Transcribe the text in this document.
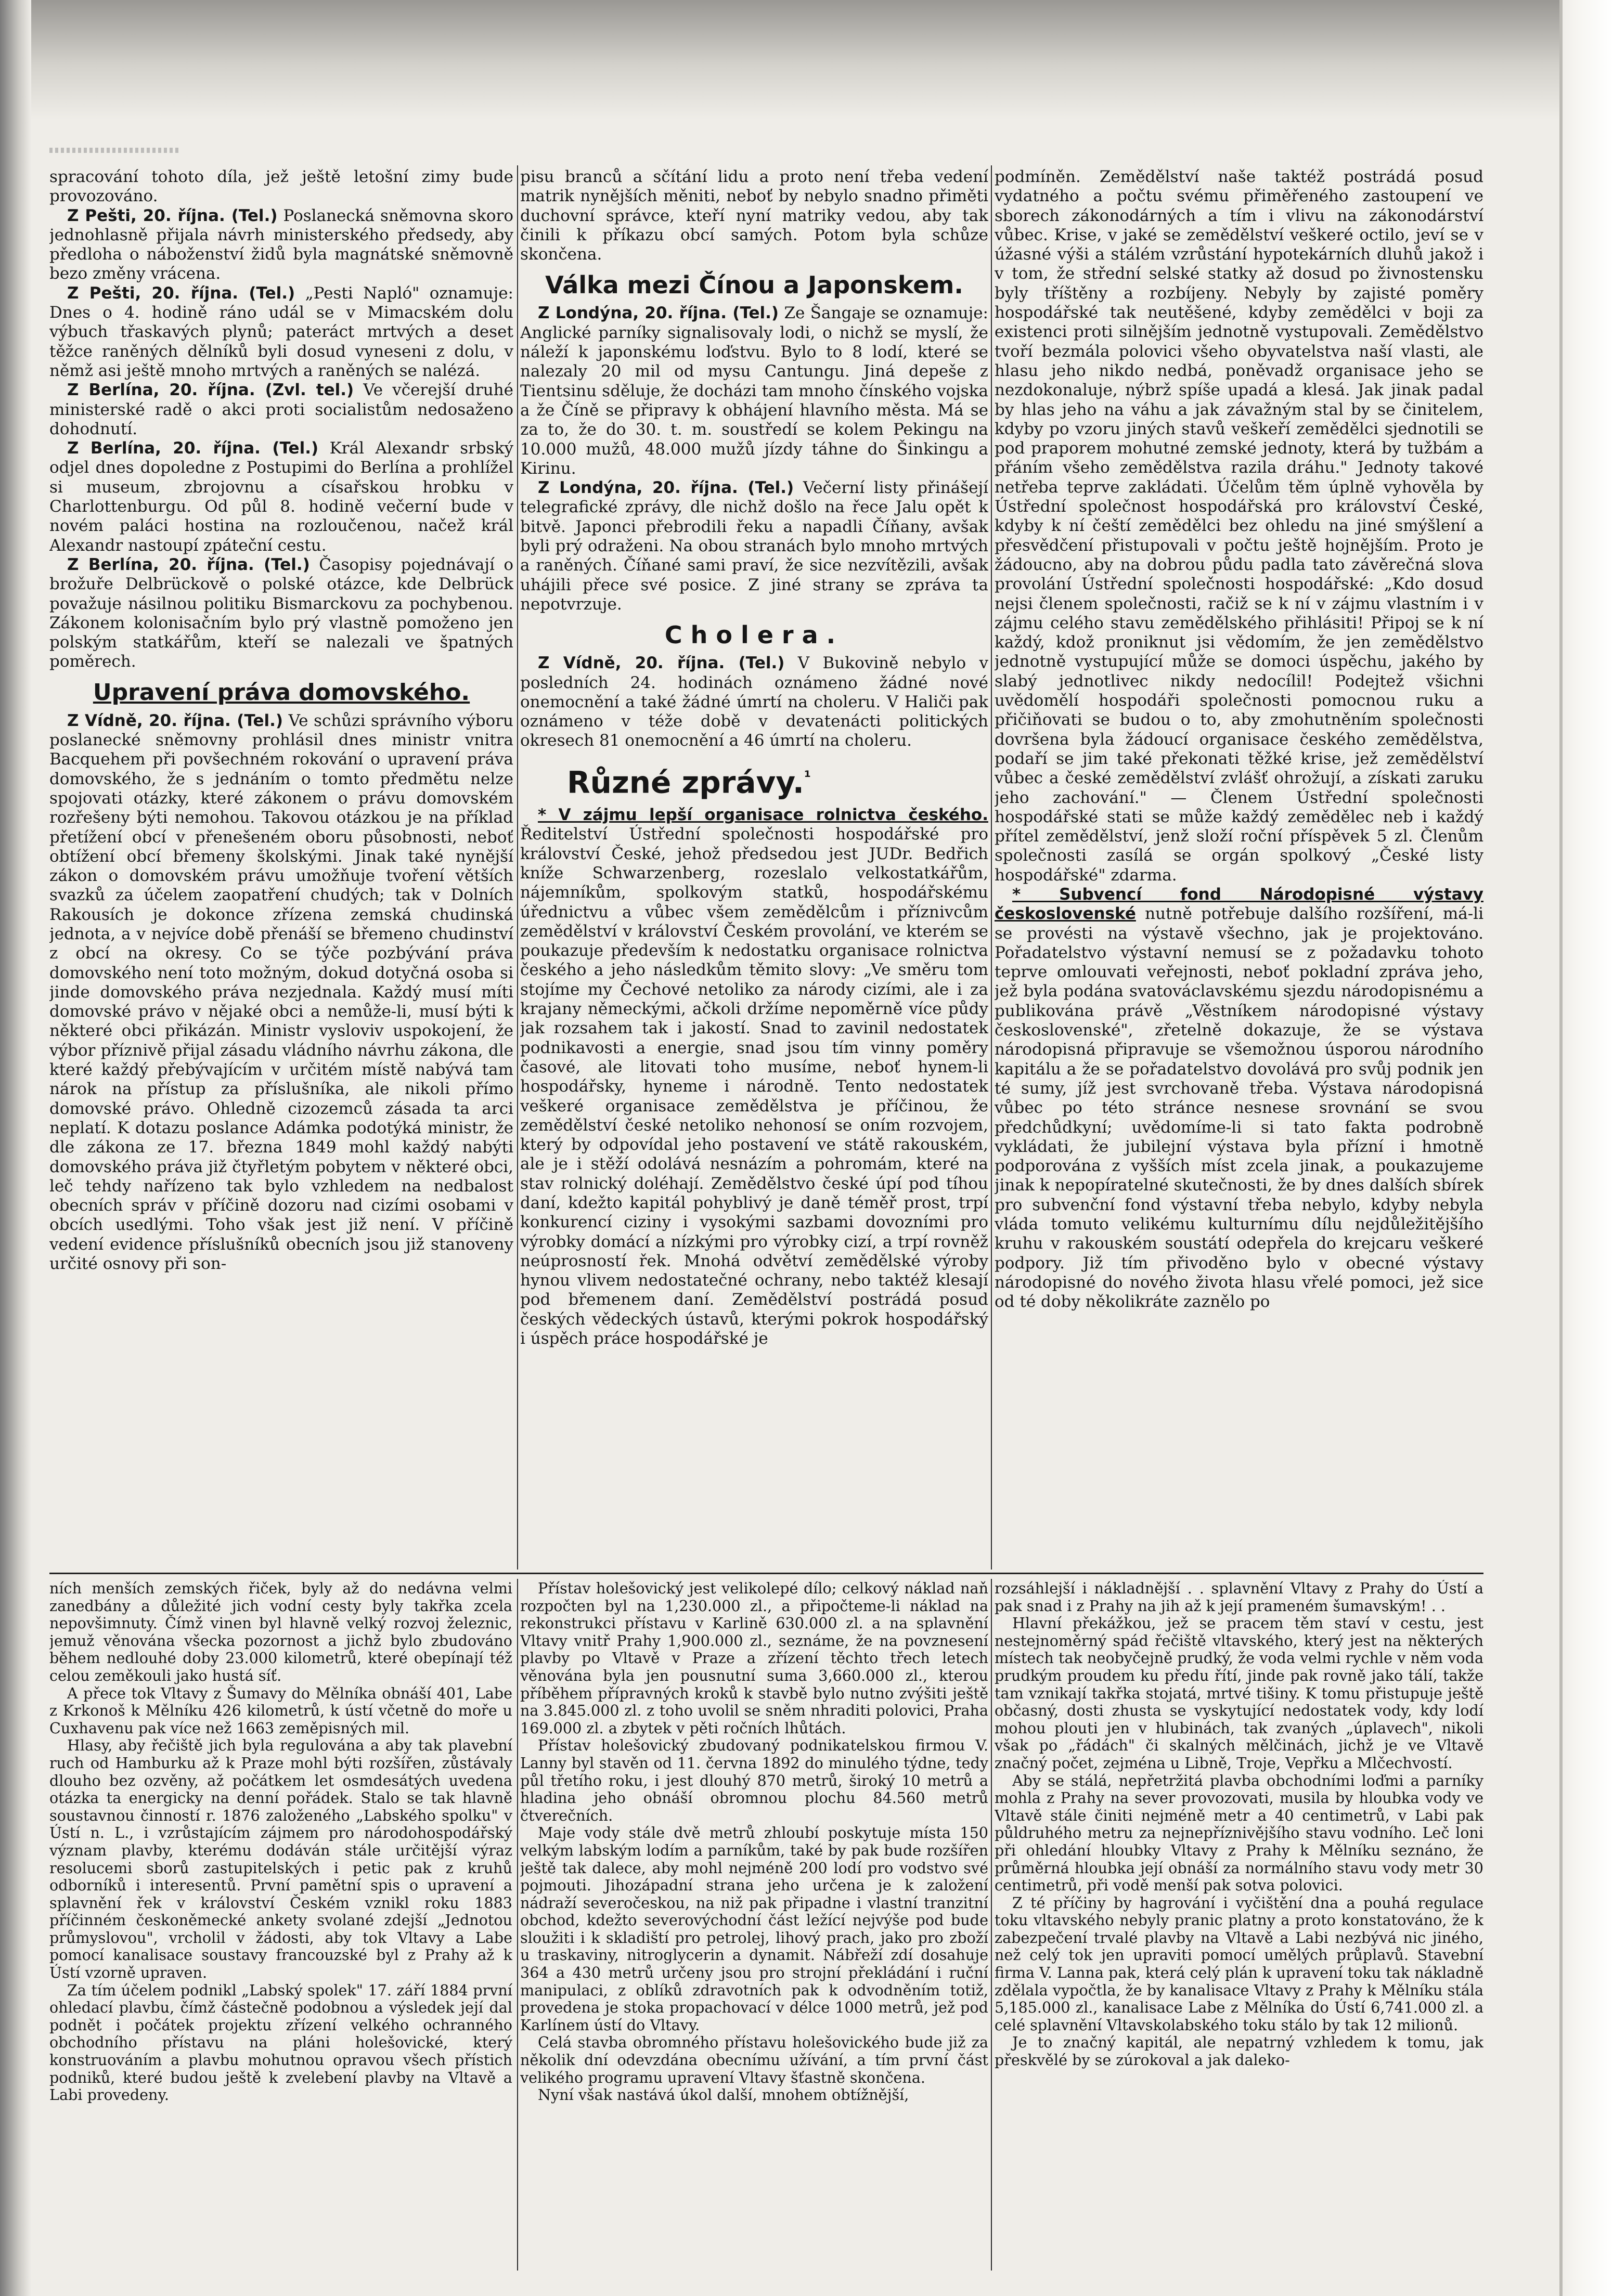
spracování tohoto díla, jež ještě letošní zimy bude provozováno.

Z Pešti, 20. října. (Tel.) Poslanecká sněmovna skoro jednohlasně přijala návrh ministerského předsedy, aby předloha o náboženství židů byla magnátské sněmovně bezo změny vrácena.

Z Pešti, 20. října. (Tel.) „Pesti Napló" oznamuje: Dnes o 4. hodině ráno udál se v Mimacském dolu výbuch třaskavých plynů; pateráct mrtvých a deset těžce raněných dělníků byli dosud vyneseni z dolu, v němž asi ještě mnoho mrtvých a raněných se nalézá.

Z Berlína, 20. října. (Zvl. tel.) Ve včerejší druhé ministerské radě o akci proti socialistům nedosaženo dohodnutí.

Z Berlína, 20. října. (Tel.) Král Alexandr srbský odjel dnes dopoledne z Postupimi do Berlína a prohlížel si museum, zbrojovnu a císařskou hrobku v Charlottenburgu. Od půl 8. hodině večerní bude v novém paláci hostina na rozloučenou, načež král Alexandr nastoupí zpáteční cestu.

Z Berlína, 20. října. (Tel.) Časopisy pojednávají o brožuře Delbrückově o polské otázce, kde Delbrück považuje násilnou politiku Bismarckovu za pochybenou. Zákonem kolonisačním bylo prý vlastně pomoženo jen polským statkářům, kteří se nalezali ve špatných poměrech.

Upravení práva domovského.

Z Vídně, 20. října. (Tel.) Ve schůzi správního výboru poslanecké sněmovny prohlásil dnes ministr vnitra Bacquehem při povšechném rokování o upravení práva domovského, že s jednáním o tomto předmětu nelze spojovati otázky, které zákonem o právu domovském rozřešeny býti nemohou. Takovou otázkou je na příklad přetížení obcí v přenešeném oboru působnosti, neboť obtížení obcí břemeny školskými. Jinak také nynější zákon o domovském právu umožňuje tvoření větších svazků za účelem zaopatření chudých; tak v Dolních Rakousích je dokonce zřízena zemská chudinská jednota, a v nejvíce době přenáší se břemeno chudinství z obcí na okresy. Co se týče pozbývání práva domovského není toto možným, dokud dotyčná osoba si jinde domovského práva nezjednala. Každý musí míti domovské právo v nějaké obci a nemůže-li, musí býti k některé obci přikázán. Ministr vysloviv uspokojení, že výbor příznivě přijal zásadu vládního návrhu zákona, dle které každý přebývajícím v určitém místě nabývá tam nárok na přístup za příslušníka, ale nikoli přímo domovské právo. Ohledně cizozemců zásada ta arci neplatí. K dotazu poslance Adámka podotýká ministr, že dle zákona ze 17. března 1849 mohl každý nabýti domovského práva již čtyřletým pobytem v některé obci, leč tehdy nařízeno tak bylo vzhledem na nedbalost obecních správ v příčině dozoru nad cizími osobami v obcích usedlými. Toho však jest již není. V příčině vedení evidence příslušníků obecních jsou již stanoveny určité osnovy při son-

pisu branců a sčítání lidu a proto není třeba vedení matrik nynějších měniti, neboť by nebylo snadno přiměti duchovní správce, kteří nyní matriky vedou, aby tak činili k příkazu obcí samých. Potom byla schůze skončena.

Válka mezi Čínou a Japonskem.

Z Londýna, 20. října. (Tel.) Ze Šangaje se oznamuje: Anglické parníky signalisovaly lodi, o nichž se myslí, že náleží k japonskému loďstvu. Bylo to 8 lodí, které se nalezaly 20 mil od mysu Cantungu. Jiná depeše z Tientsinu sděluje, že docházi tam mnoho čínského vojska a že Číně se připravy k obhájení hlavního města. Má se za to, že do 30. t. m. soustředí se kolem Pekingu na 10.000 mužů, 48.000 mužů jízdy táhne do Šinkingu a Kirinu.

Z Londýna, 20. října. (Tel.) Večerní listy přinášejí telegrafické zprávy, dle nichž došlo na řece Jalu opět k bitvě. Japonci přebrodili řeku a napadli Číňany, avšak byli prý odraženi. Na obou stranách bylo mnoho mrtvých a raněných. Číňané sami praví, že sice nezvítězili, avšak uhájili přece své posice. Z jiné strany se zpráva ta nepotvrzuje.

Cholera.

Z Vídně, 20. října. (Tel.) V Bukovině nebylo v posledních 24. hodinách oznámeno žádné nové onemocnění a také žádné úmrtí na choleru. V Haliči pak oznámeno v téže době v devatenácti politických okresech 81 onemocnění a 46 úmrtí na choleru.

Různé zprávy.$^{^1}$

* V zájmu lepší organisace rolnictva českého. Ředitelství Ústřední společnosti hospodářské pro království České, jehož předsedou jest JUDr. Bedřich kníže Schwarzenberg, rozeslalo velkostatkářům, nájemníkům, spolkovým statků, hospodářskému úřednictvu a vůbec všem zemědělcům i příznivcům zemědělství v království Českém provolání, ve kterém se poukazuje především k nedostatku organisace rolnictva českého a jeho následkům těmito slovy: „Ve směru tom stojíme my Čechové netoliko za národy cizími, ale i za krajany německými, ačkoli držíme nepoměrně více půdy jak rozsahem tak i jakostí. Snad to zavinil nedostatek podnikavosti a energie, snad jsou tím vinny poměry časové, ale litovati toho musíme, neboť hynem-li hospodářsky, hyneme i národně. Tento nedostatek veškeré organisace zemědělstva je příčinou, že zemědělství české netoliko nehonosí se oním rozvojem, který by odpovídal jeho postavení ve státě rakouském, ale je i stěží odolává nesnázím a pohromám, které na stav rolnický doléhají. Zemědělstvo české úpí pod tíhou daní, kdežto kapitál pohyblivý je daně téměř prost, trpí konkurencí ciziny i vysokými sazbami dovozními pro výrobky domácí a nízkými pro výrobky cizí, a trpí rovněž neúprosností řek. Mnohá odvětví zemědělské výroby hynou vlivem nedostatečné ochrany, nebo taktéž klesají pod břemenem daní. Zemědělství postrádá posud českých vědeckých ústavů, kterými pokrok hospodářský i úspěch práce hospodářské je

podmíněn. Zemědělství naše taktéž postrádá posud vydatného a počtu svému přiměřeného zastoupení ve sborech zákonodárných a tím i vlivu na zákonodárství vůbec. Krise, v jaké se zemědělství veškeré octilo, jeví se v úžasné výši a stálém vzrůstání hypotekárních dluhů jakož i v tom, že střední selské statky až dosud po živnostensku byly tříštěny a rozbíjeny. Nebyly by zajisté poměry hospodářské tak neutěšené, kdyby zemědělci v boji za existenci proti silnějším jednotně vystupovali. Zemědělstvo tvoří bezmála polovici všeho obyvatelstva naší vlasti, ale hlasu jeho nikdo nedbá, poněvadž organisace jeho se nezdokonaluje, nýbrž spíše upadá a klesá. Jak jinak padal by hlas jeho na váhu a jak závažným stal by se činitelem, kdyby po vzoru jiných stavů veškeří zemědělci sjednotili se pod praporem mohutné zemské jednoty, která by tužbám a přáním všeho zemědělstva razila dráhu." Jednoty takové netřeba teprve zakládati. Účelům těm úplně vyhověla by Ústřední společnost hospodářská pro království České, kdyby k ní čeští zemědělci bez ohledu na jiné smýšlení a přesvědčení přistupovali v počtu ještě hojnějším. Proto je žádoucno, aby na dobrou půdu padla tato závěrečná slova provolání Ústřední společnosti hospodářské: „Kdo dosud nejsi členem společnosti, račiž se k ní v zájmu vlastním i v zájmu celého stavu zemědělského přihlásiti! Připoj se k ní každý, kdož proniknut jsi vědomím, že jen zemědělstvo jednotně vystupující může se domoci úspěchu, jakého by slabý jednotlivec nikdy nedocílil! Podejtež všichni uvědomělí hospodáři společnosti pomocnou ruku a přičiňovati se budou o to, aby zmohutněním společnosti dovršena byla žádoucí organisace českého zemědělstva, podaří se jim také překonati těžké krise, jež zemědělství vůbec a české zemědělství zvlášť ohrožují, a získati zaruku jeho zachování." — Členem Ústřední společnosti hospodářské stati se může každý zemědělec neb i každý přítel zemědělství, jenž složí roční příspěvek 5 zl. Členům společnosti zasílá se orgán spolkový „České listy hospodářské" zdarma.

* Subvencí fond Národopisné výstavy československé nutně potřebuje dalšího rozšíření, má-li se provésti na výstavě všechno, jak je projektováno. Pořadatelstvo výstavní nemusí se z požadavku tohoto teprve omlouvati veřejnosti, neboť pokladní zpráva jeho, jež byla podána svatováclavskému sjezdu národopisnému a publikována právě „Věstníkem národopisné výstavy československé", zřetelně dokazuje, že se výstava národopisná připravuje se všemožnou úsporou národního kapitálu a že se pořadatelstvo dovolává pro svůj podnik jen té sumy, jíž jest svrchovaně třeba. Výstava národopisná vůbec po této stránce nesnese srovnání se svou předchůdkyní; uvědomíme-li si tato fakta podrobně vykládati, že jubilejní výstava byla přízní i hmotně podporována z vyšších míst zcela jinak, a poukazujeme jinak k nepopíratelné skutečnosti, že by dnes dalších sbírek pro subvenční fond výstavní třeba nebylo, kdyby nebyla vláda tomuto velikému kulturnímu dílu nejdůležitějšího kruhu v rakouském soustátí odepřela do krejcaru veškeré podpory. Již tím přivoděno bylo v obecné výstavy národopisné do nového života hlasu vřelé pomoci, jež sice od té doby několikráte zaznělo po

ních menších zemských řiček, byly až do nedávna velmi zanedbány a důležité jich vodní cesty byly takřka zcela nepovšimnuty. Čímž vinen byl hlavně velký rozvoj železnic, jemuž věnována všecka pozornost a jichž bylo zbudováno během nedlouhé doby 23.000 kilometrů, které obepínají též celou zeměkouli jako hustá síť.

A přece tok Vltavy z Šumavy do Mělníka obnáší 401, Labe z Krkonoš k Mělníku 426 kilometrů, k ústí včetně do moře u Cuxhavenu pak více než 1663 zeměpisných mil.

Hlasy, aby řečiště jich byla regulována a aby tak plavební ruch od Hamburku až k Praze mohl býti rozšířen, zůstávaly dlouho bez ozvěny, až počátkem let osmdesátých uvedena otázka ta energicky na denní pořádek. Stalo se tak hlavně soustavnou činností r. 1876 založeného „Labského spolku" v Ústí n. L., i vzrůstajícím zájmem pro národohospodářský význam plavby, kterému dodáván stále určitější výraz resolucemi sborů zastupitelských i petic pak z kruhů odborníků i interesentů. První pamětní spis o upravení a splavnění řek v království Českém vznikl roku 1883 příčinném českoněmecké ankety svolané zdejší „Jednotou průmyslovou", vrcholil v žádosti, aby tok Vltavy a Labe pomocí kanalisace soustavy francouzské byl z Prahy až k Ústí vzorně upraven.

Za tím účelem podnikl „Labský spolek" 17. září 1884 první ohledací plavbu, čímž částečně podobnou a výsledek její dal podnět i počátek projektu zřízení velkého ochranného obchodního přístavu na pláni holešovické, který konstruováním a plavbu mohutnou opravou všech přístich podniků, které budou ještě k zvelebení plavby na Vltavě a Labi provedeny.

Přístav holešovický jest velikolepé dílo; celkový náklad naň rozpočten byl na 1,230.000 zl., a připočteme-li náklad na rekonstrukci přístavu v Karlině 630.000 zl. a na splavnění Vltavy vnitř Prahy 1,900.000 zl., seznáme, že na povznesení plavby po Vltavě v Praze a zřízení těchto třech letech věnována byla jen pousnutní suma 3,660.000 zl., kterou příběhem přípravných kroků k stavbě bylo nutno zvýšiti ještě na 3.845.000 zl. z toho uvolil se sněm nhraditi polovici, Praha 169.000 zl. a zbytek v pěti ročních lhůtách.

Přístav holešovický zbudovaný podnikatelskou firmou V. Lanny byl stavěn od 11. června 1892 do minulého týdne, tedy půl třetího roku, i jest dlouhý 870 metrů, široký 10 metrů a hladina jeho obnáší obromnou plochu 84.560 metrů čtverečních.

Maje vody stále dvě metrů zhloubí poskytuje místa 150 velkým labským lodím a parníkům, také by pak bude rozšířen ještě tak dalece, aby mohl nejméně 200 lodí pro vodstvo své pojmouti. Jihozápadní strana jeho určena je k založení nádraží severočeskou, na niž pak připadne i vlastní tranzitní obchod, kdežto severovýchodní část ležící nejvýše pod bude sloužiti i k skladiští pro petrolej, lihový prach, jako pro zboží u traskaviny, nitroglycerin a dynamit. Nábřeží zdí dosahuje 364 a 430 metrů určeny jsou pro strojní překládání i ruční manipulaci, z oblíků zdravotních pak k odvodněním totiž, provedena je stoka propachovací v délce 1000 metrů, jež pod Karlínem ústí do Vltavy.

Celá stavba obromného přístavu holešovického bude již za několik dní odevzdána obecnímu užívání, a tím první část velikého programu upravení Vltavy šťastně skončena.

Nyní však nastává úkol další, mnohem obtížnější,

rozsáhlejší i nákladnější . . splavnění Vltavy z Prahy do Ústí a pak snad i z Prahy na jih až k její prameném šumavským! . .

Hlavní překážkou, jež se pracem těm staví v cestu, jest nestejnoměrný spád řečiště vltavského, který jest na některých místech tak neobyčejně prudký, že voda velmi rychle v něm voda prudkým proudem ku předu řítí, jinde pak rovně jako tálí, takže tam vznikají takřka stojatá, mrtvé tišiny. K tomu přistupuje ještě občasný, dosti zhusta se vyskytující nedostatek vody, kdy lodí mohou plouti jen v hlubinách, tak zvaných „úplavech", nikoli však po „řádách" či skalných mělčinách, jichž je ve Vltavě značný počet, zejména u Libně, Troje, Vepřku a Mlčechvostí.

Aby se stálá, nepřetržitá plavba obchodními loďmi a parníky mohla z Prahy na sever provozovati, musila by hloubka vody ve Vltavě stále činiti nejméně metr a 40 centimetrů, v Labi pak půldruhého metru za nejnepříznivějšího stavu vodního. Leč loni při ohledání hloubky Vltavy z Prahy k Mělníku seznáno, že průměrná hloubka její obnáší za normálního stavu vody metr 30 centimetrů, při vodě menší pak sotva polovici.

Z té příčiny by hagrování i vyčištění dna a pouhá regulace toku vltavského nebyly pranic platny a proto konstatováno, že k zabezpečení trvalé plavby na Vltavě a Labi nezbývá nic jiného, než celý tok jen upraviti pomocí umělých průplavů. Stavební firma V. Lanna pak, která celý plán k upravení toku tak nákladně zdělala vypočtla, že by kanalisace Vltavy z Prahy k Mělníku stála 5,185.000 zl., kanalisace Labe z Mělníka do Ústí 6,741.000 zl. a celé splavnění Vltavskolabského toku stálo by tak 12 milionů.

Je to značný kapitál, ale nepatrný vzhledem k tomu, jak přeskvělé by se zúrokoval a jak daleko-
